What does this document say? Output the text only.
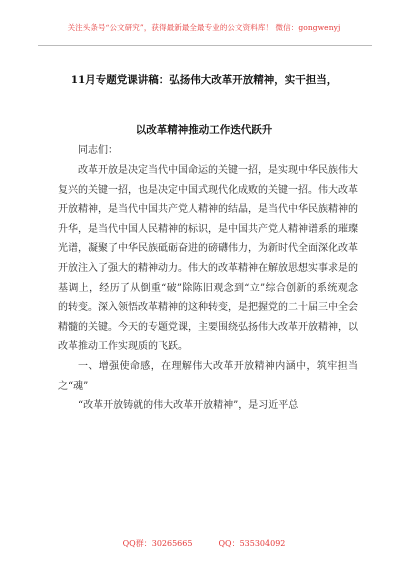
关注头条号“公文研究”，获得最新最全最专业的公文资料库！ 微信：gongwenyj
11月专题党课讲稿：弘扬伟大改革开放精神，实干担当，
以改革精神推动工作迭代跃升
同志们：

改革开放是决定当代中国命运的关键一招，是实现中华民族伟大复兴的关键一招，也是决定中国式现代化成败的关键一招。伟大改革开放精神，是当代中国共产党人精神的结晶，是当代中华民族精神的升华，是当代中国人民精神的标识，是中国共产党人精神谱系的璀璨光谱，凝聚了中华民族砥砺奋进的磅礴伟力，为新时代全面深化改革开放注入了强大的精神动力。伟大的改革精神在解放思想实事求是的基调上，经历了从倒重“破”除陈旧观念到“立”综合创新的系统观念的转变。深入领悟改革精神的这种转变，是把握党的二十届三中全会精髓的关键。今天的专题党课，主要围绕弘扬伟大改革开放精神，以改革推动工作实现质的飞跃。

一、增强使命感，在理解伟大改革开放精神内涵中，筑牢担当之“魂”

“改革开放铸就的伟大改革开放精神”，是习近平总

QQ群：30265665	QQ：535304092
